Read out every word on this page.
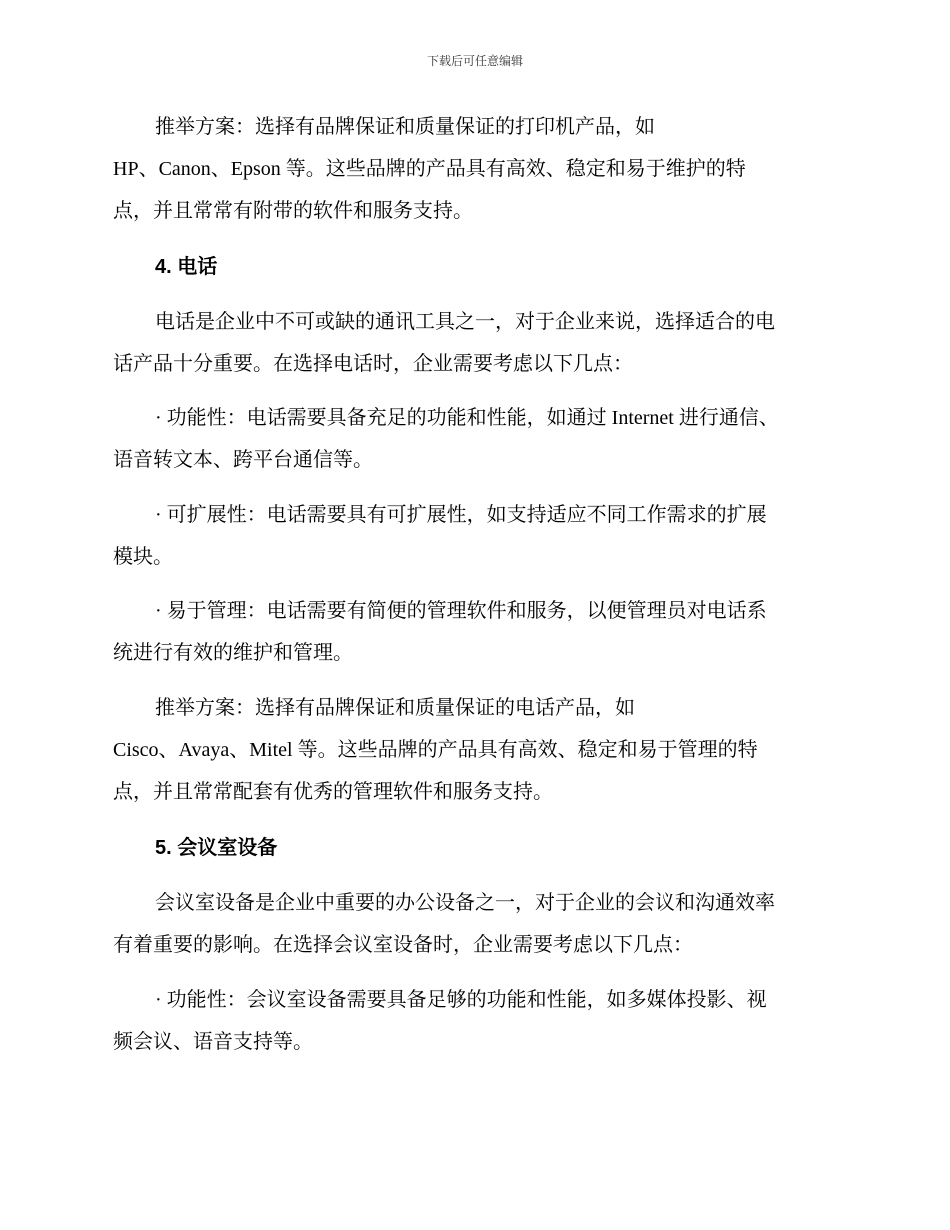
下载后可任意编辑

推举方案：选择有品牌保证和质量保证的打印机产品，如
HP、Canon、Epson 等。这些品牌的产品具有高效、稳定和易于维护的特
点，并且常常有附带的软件和服务支持。

4. 电话

电话是企业中不可或缺的通讯工具之一，对于企业来说，选择适合的电
话产品十分重要。在选择电话时，企业需要考虑以下几点：

· 功能性：电话需要具备充足的功能和性能，如通过 Internet 进行通信、
语音转文本、跨平台通信等。

· 可扩展性：电话需要具有可扩展性，如支持适应不同工作需求的扩展
模块。

· 易于管理：电话需要有简便的管理软件和服务，以便管理员对电话系
统进行有效的维护和管理。

推举方案：选择有品牌保证和质量保证的电话产品，如
Cisco、Avaya、Mitel 等。这些品牌的产品具有高效、稳定和易于管理的特
点，并且常常配套有优秀的管理软件和服务支持。

5. 会议室设备

会议室设备是企业中重要的办公设备之一，对于企业的会议和沟通效率
有着重要的影响。在选择会议室设备时，企业需要考虑以下几点：

· 功能性：会议室设备需要具备足够的功能和性能，如多媒体投影、视
频会议、语音支持等。
